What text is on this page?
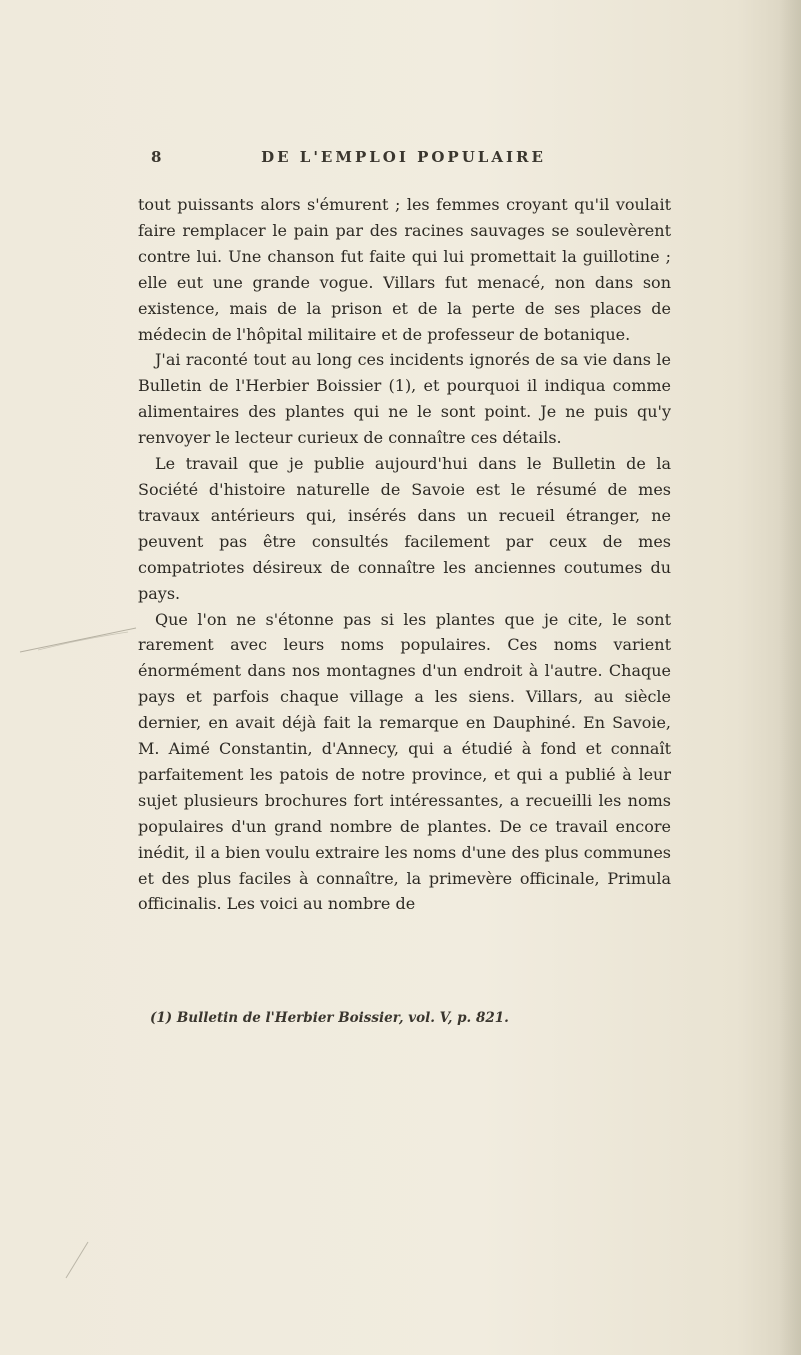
8	DE L'EMPLOI POPULAIRE

tout puissants alors s'émurent ; les femmes croyant qu'il voulait faire remplacer le pain par des racines sauvages se soulevèrent contre lui. Une chanson fut faite qui lui promettait la guillotine ; elle eut une grande vogue. Villars fut menacé, non dans son existence, mais de la prison et de la perte de ses places de médecin de l'hôpital militaire et de professeur de botanique.

J'ai raconté tout au long ces incidents ignorés de sa vie dans le Bulletin de l'Herbier Boissier (1), et pourquoi il indiqua comme alimentaires des plantes qui ne le sont point. Je ne puis qu'y renvoyer le lecteur curieux de connaître ces détails.

Le travail que je publie aujourd'hui dans le Bulletin de la Société d'histoire naturelle de Savoie est le résumé de mes travaux antérieurs qui, insérés dans un recueil étranger, ne peuvent pas être consultés facilement par ceux de mes compatriotes désireux de connaître les anciennes coutumes du pays.

Que l'on ne s'étonne pas si les plantes que je cite, le sont rarement avec leurs noms populaires. Ces noms varient énormément dans nos montagnes d'un endroit à l'autre. Chaque pays et parfois chaque village a les siens. Villars, au siècle dernier, en avait déjà fait la remarque en Dauphiné. En Savoie, M. Aimé Constantin, d'Annecy, qui a étudié à fond et connaît parfaitement les patois de notre province, et qui a publié à leur sujet plusieurs brochures fort intéressantes, a recueilli les noms populaires d'un grand nombre de plantes. De ce travail encore inédit, il a bien voulu extraire les noms d'une des plus communes et des plus faciles à connaître, la primevère officinale, Primula officinalis. Les voici au nombre de

(1) Bulletin de l'Herbier Boissier, vol. V, p. 821.
